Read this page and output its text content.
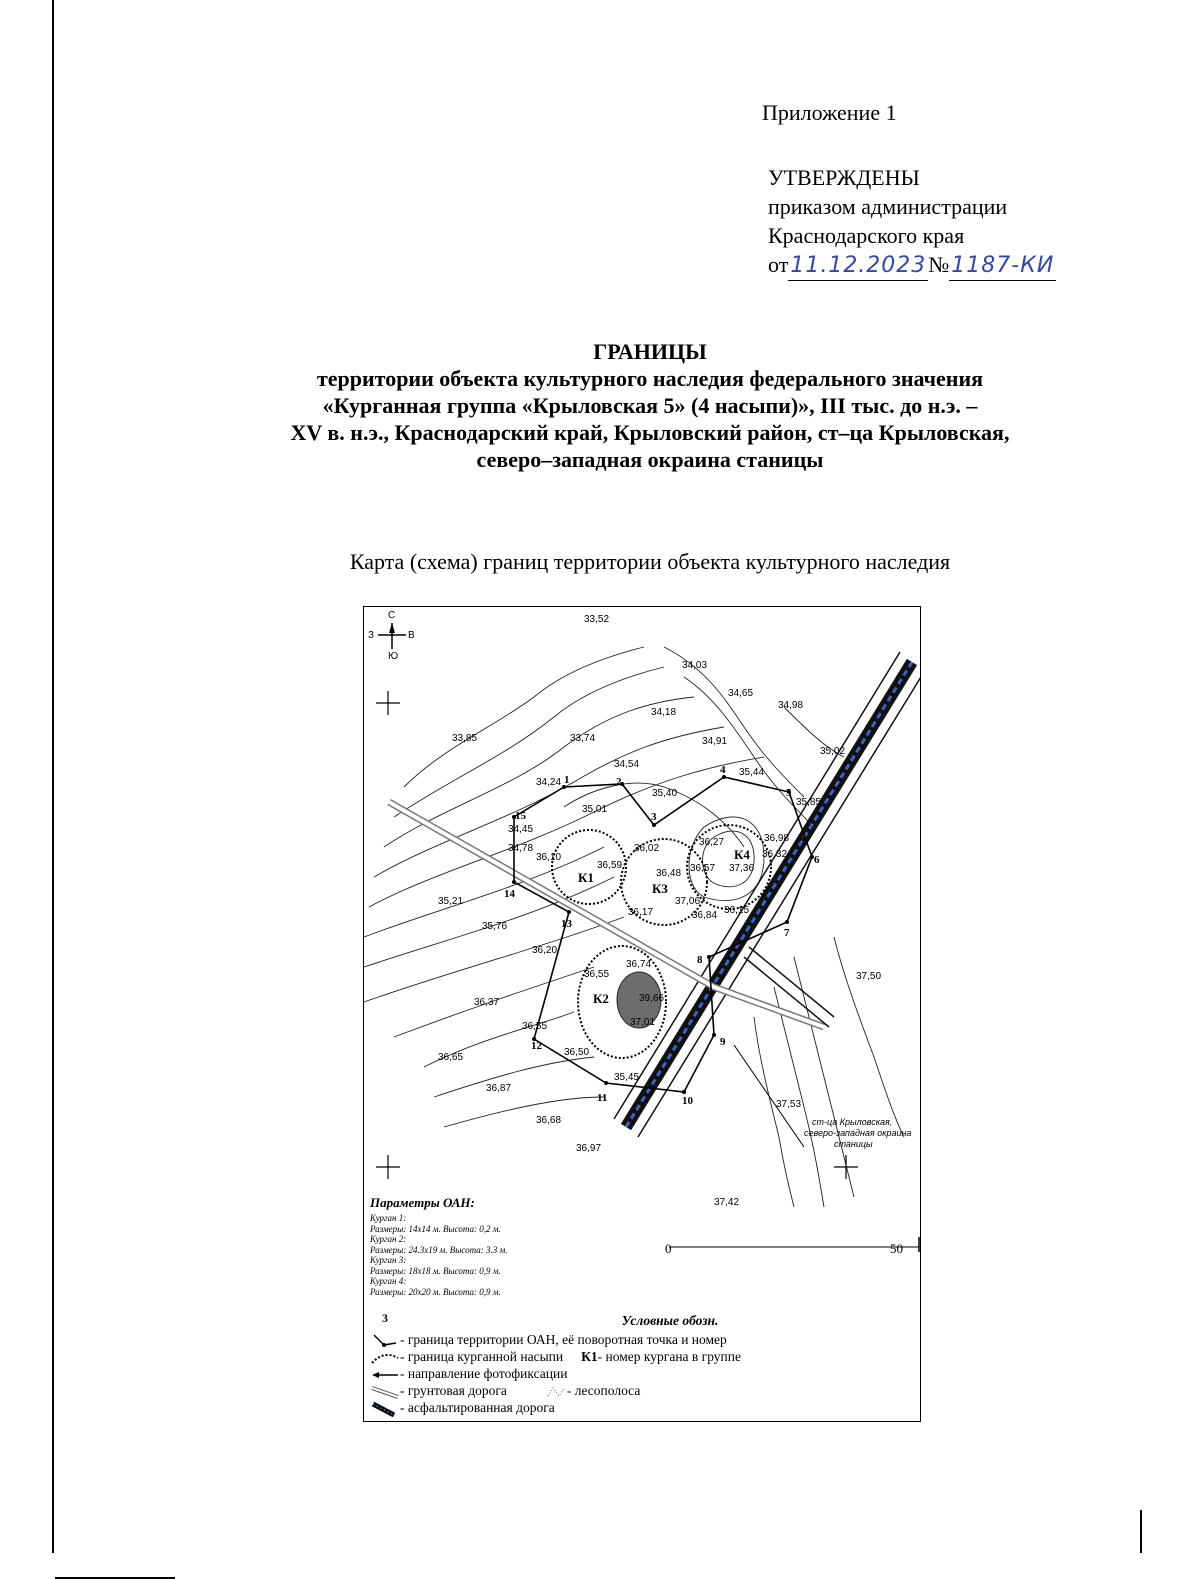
Приложение 1
УТВЕРЖДЕНЫ
приказом администрации
Краснодарского края
от11.12.2023№1187-КИ
ГРАНИЦЫ
территории объекта культурного наследия федерального значения
«Курганная группа «Крыловская 5» (4 насыпи)», III тыс. до н.э. –
XV в. н.э., Краснодарский край, Крыловский район, ст–ца Крыловская,
северо–западная окраина станицы
Карта (схема) границ территории объекта культурного наследия
С
Ю
З	В
33,52
34,03
34,65
34,18
34,98
33,85	33,74	34,91
35,02
34,54
35,44
34,24
35,40
35,85
35,01
34,45
36,27	36,98
34,78
36,10
36,02
36,59	36,57 37,36
36,32
36,48
35,21	37,06
36,17	36,84 36,15
35,76
36,20
36,74
36,55
39,66
37,50
36,37
37,01
36,55
36,50
36,65
35,45
36,87
37,53
36,68
36,97
37,42
1	2
3
4
5
6
7
8
9
10
11
12
13
14
15
К1
К2
К3
К4
ст-ца Крыловская,
северо-западная окраина
станицы
Параметры ОАН:
Курган 1:
Размеры: 14х14 м. Высота: 0,2 м.
Курган 2:
Размеры: 24.3х19 м. Высота: 3.3 м.
Курган 3:
Размеры: 18х18 м. Высота: 0,9 м.
Курган 4:
Размеры: 20х20 м. Высота: 0,9 м.
0	50
Условные обозн.
- граница территории ОАН, её поворотная точка и номер
- граница курганной насыпи К1 - номер кургана в группе
- направление фотофиксации
- грунтовая дорога	- лесополоса
- асфальтированная дорога
3
